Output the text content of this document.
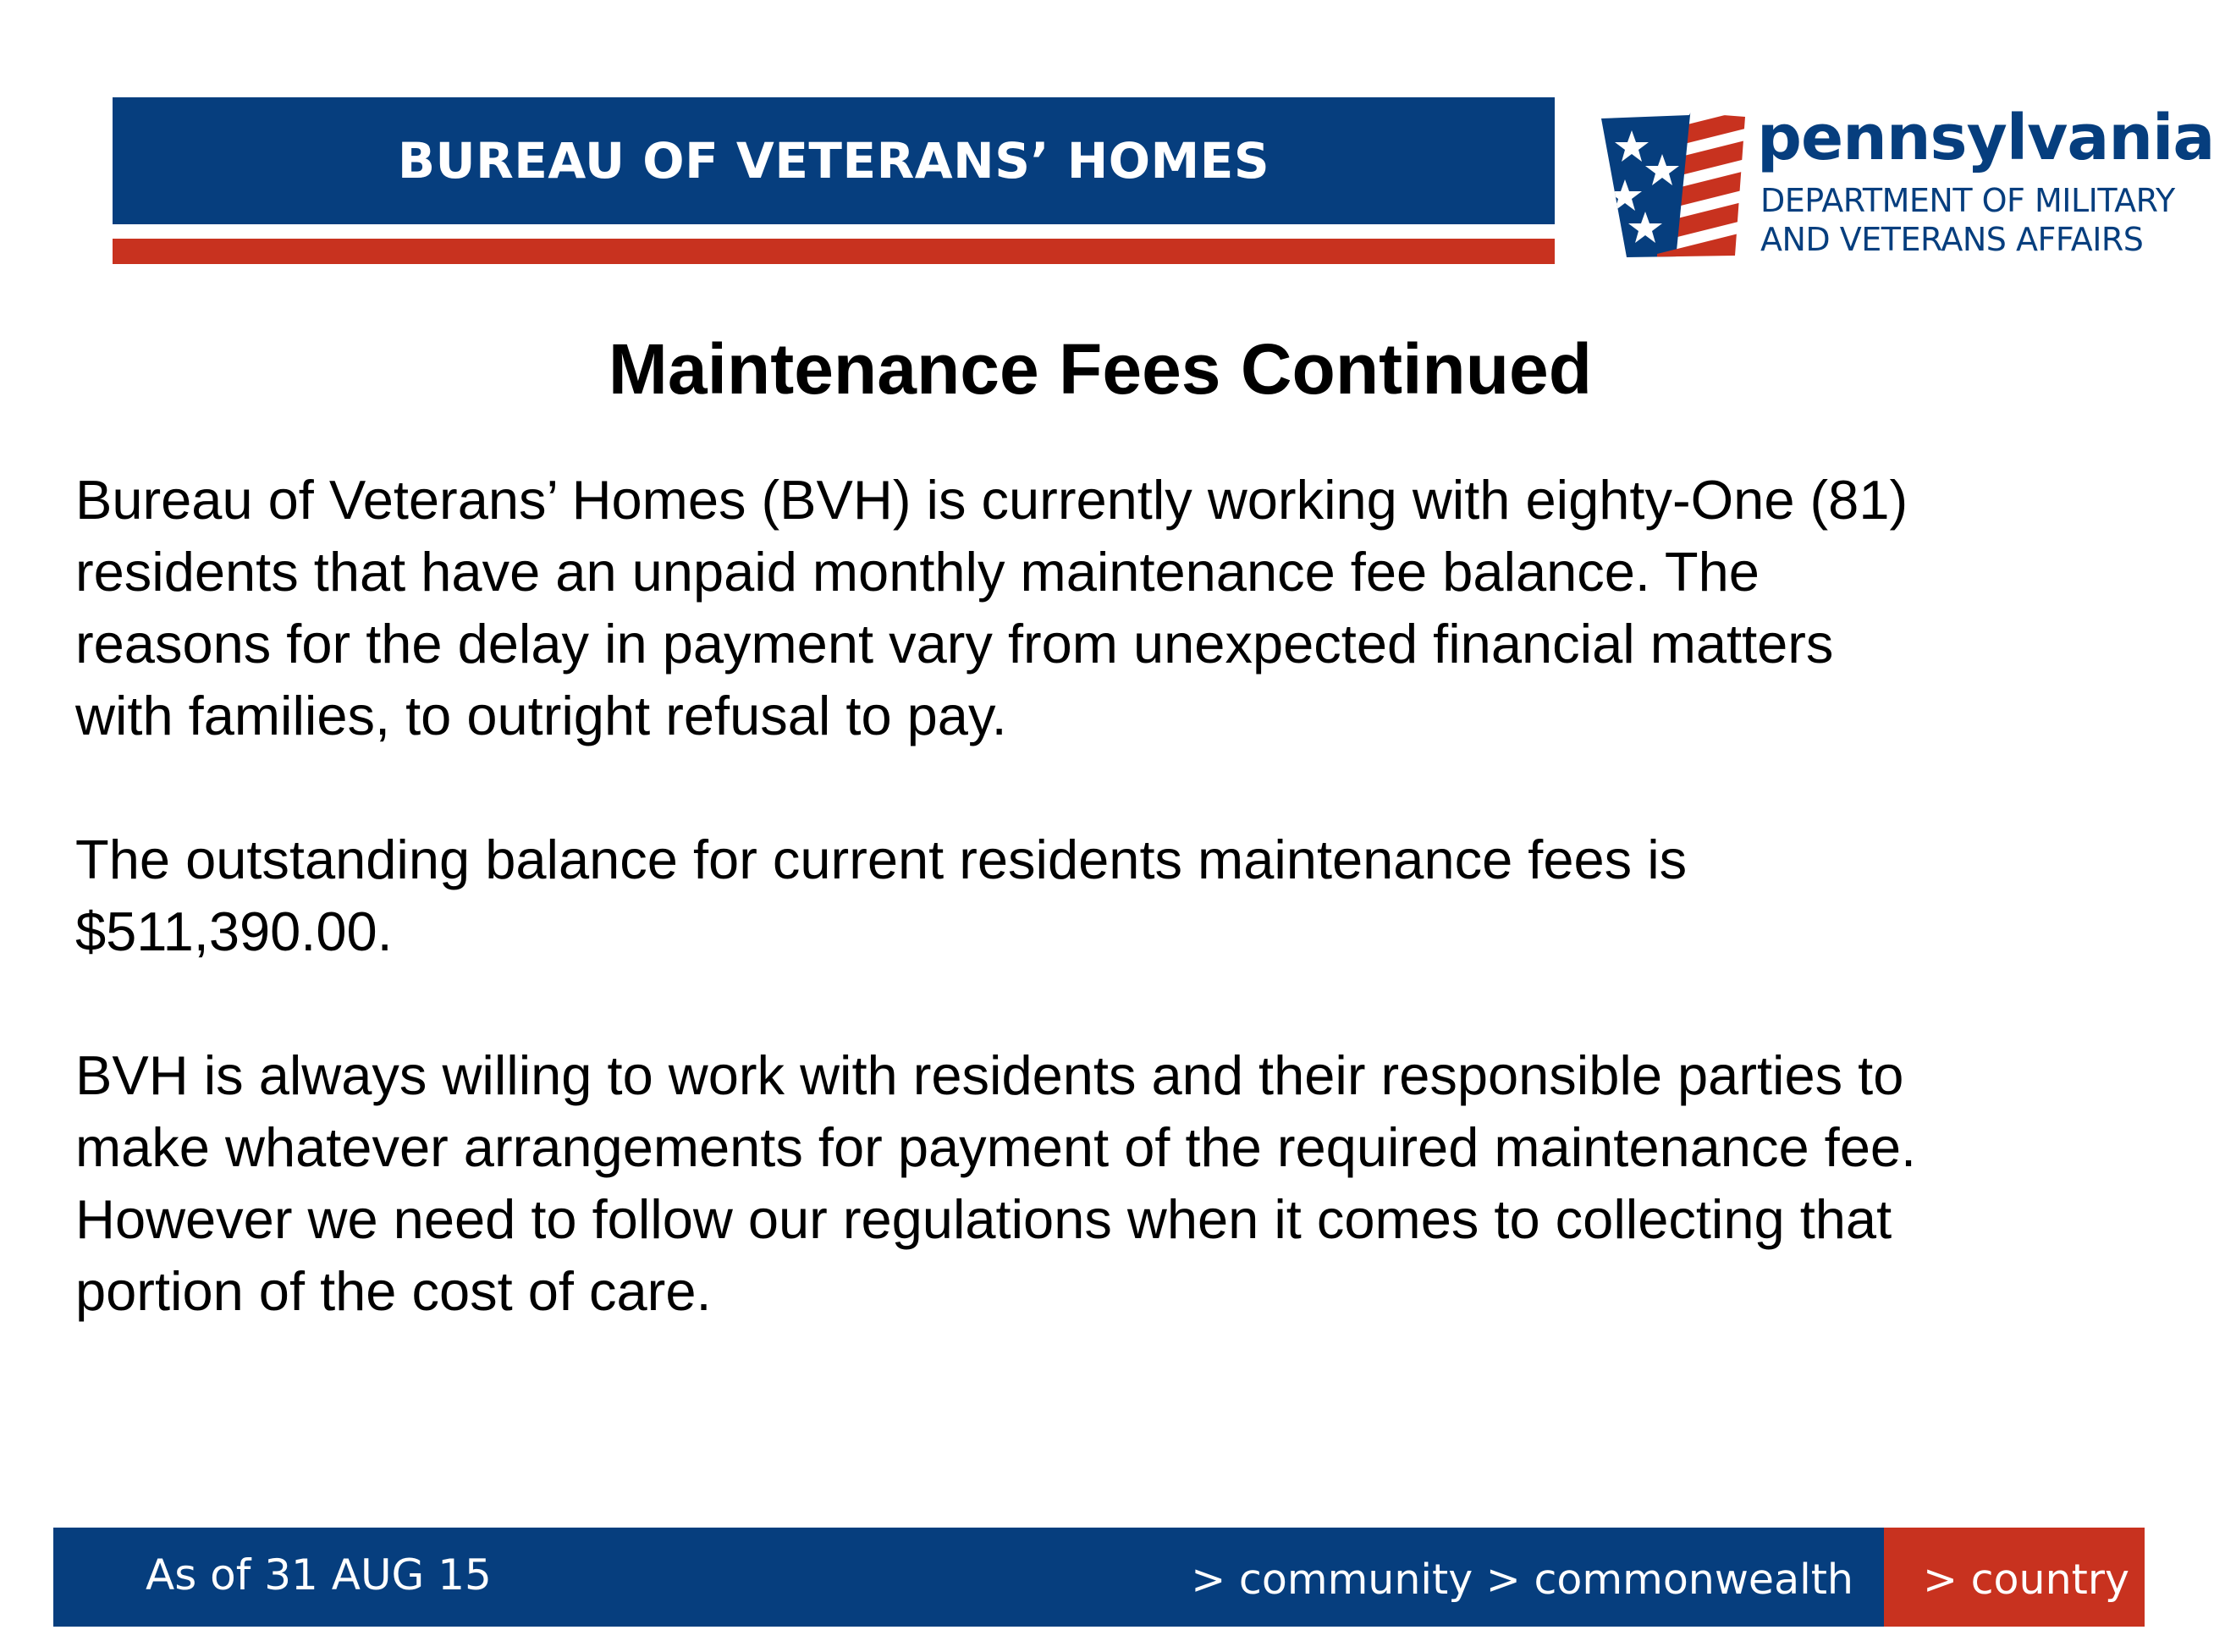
BUREAU OF VETERANS’ HOMES	pennsylvania
DEPARTMENT OF MILITARY
AND VETERANS AFFAIRS
Maintenance Fees Continued

Bureau of Veterans’ Homes (BVH) is currently working with eighty-One (81)
residents that have an unpaid monthly maintenance fee balance. The
reasons for the delay in payment vary from unexpected financial matters
with families, to outright refusal to pay.

The outstanding balance for current residents maintenance fees is
$511,390.00.

BVH is always willing to work with residents and their responsible parties to
make whatever arrangements for payment of the required maintenance fee.
However we need to follow our regulations when it comes to collecting that
portion of the cost of care.

As of 31 AUG 15	> community > commonwealth	> country
